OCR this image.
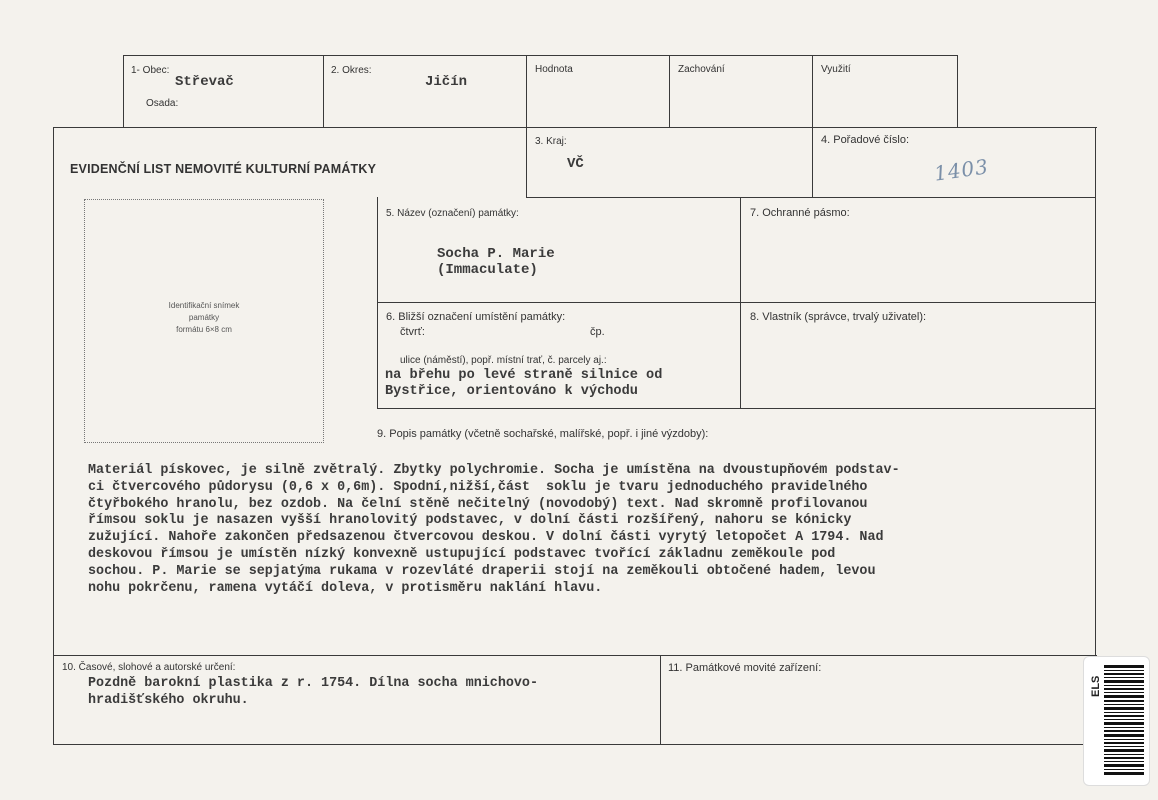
1- Obec:
Střevač
Osada:
2. Okres:
Jičín
Hodnota	Zachování	Využití
EVIDENČNÍ LIST NEMOVITÉ KULTURNÍ PAMÁTKY
3. Kraj:
VČ
4. Pořadové číslo:
1403
Identifikační snímek
památky
formátu 6×8 cm
5. Název (označení) památky:
Socha P. Marie
(Immaculate)
7. Ochranné pásmo:
6. Bližší označení umístění památky:
čtvrť:	čp.
ulice (náměstí), popř. místní trať, č. parcely aj.:
na břehu po levé straně silnice od
Bystřice, orientováno k východu
8. Vlastník (správce, trvalý uživatel):
9. Popis památky (včetně sochařské, malířské, popř. i jiné výzdoby):
Materiál pískovec, je silně zvětralý. Zbytky polychromie. Socha je umístěna na dvoustupňovém podstav-
ci čtvercového půdorysu (0,6 x 0,6m). Spodní,nižší,část  soklu je tvaru jednoduchého pravidelného
čtyřbokého hranolu, bez ozdob. Na čelní stěně nečitelný (novodobý) text. Nad skromně profilovanou
římsou soklu je nasazen vyšší hranolovitý podstavec, v dolní části rozšířený, nahoru se kónicky
zužující. Nahoře zakončen předsazenou čtvercovou deskou. V dolní části vyrytý letopočet A 1794. Nad
deskovou římsou je umístěn nízký konvexně ustupující podstavec tvořící základnu zeměkoule pod
sochou. P. Marie se sepjatýma rukama v rozevláté draperii stojí na zeměkouli obtočené hadem, levou
nohu pokrčenu, ramena vytáčí doleva, v protisměru naklání hlavu.
10. Časové, slohové a autorské určení:
Pozdně barokní plastika z r. 1754. Dílna socha mnichovo-
hradišťského okruhu.
11. Památkové movité zařízení:
ELS
